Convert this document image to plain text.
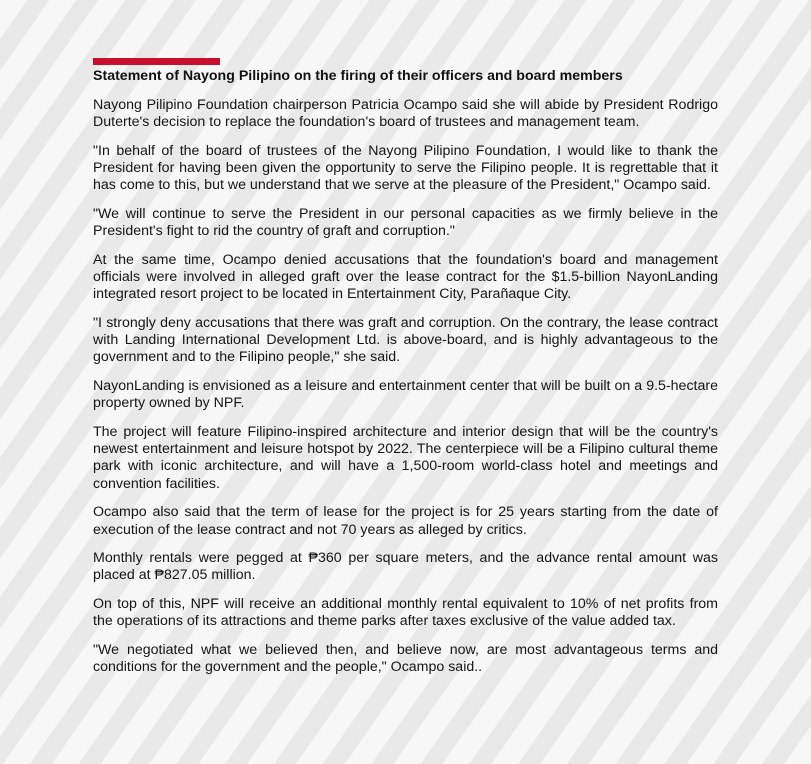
Statement of Nayong Pilipino on the firing of their officers and board members

Nayong Pilipino Foundation chairperson Patricia Ocampo said she will abide by President Rodrigo Duterte's decision to replace the foundation's board of trustees and management team.

"In behalf of the board of trustees of the Nayong Pilipino Foundation, I would like to thank the President for having been given the opportunity to serve the Filipino people. It is regrettable that it has come to this, but we understand that we serve at the pleasure of the President," Ocampo said.

"We will continue to serve the President in our personal capacities as we firmly believe in the President's fight to rid the country of graft and corruption."

At the same time, Ocampo denied accusations that the foundation's board and management officials were involved in alleged graft over the lease contract for the $1.5-billion NayonLanding integrated resort project to be located in Entertainment City, Parañaque City.

"I strongly deny accusations that there was graft and corruption. On the contrary, the lease contract with Landing International Development Ltd. is above-board, and is highly advantageous to the government and to the Filipino people," she said.

NayonLanding is envisioned as a leisure and entertainment center that will be built on a 9.5-hectare property owned by NPF.

The project will feature Filipino-inspired architecture and interior design that will be the country's newest entertainment and leisure hotspot by 2022. The centerpiece will be a Filipino cultural theme park with iconic architecture, and will have a 1,500-room world-class hotel and meetings and convention facilities.

Ocampo also said that the term of lease for the project is for 25 years starting from the date of execution of the lease contract and not 70 years as alleged by critics.

Monthly rentals were pegged at ₱360 per square meters, and the advance rental amount was placed at ₱827.05 million.

On top of this, NPF will receive an additional monthly rental equivalent to 10% of net profits from the operations of its attractions and theme parks after taxes exclusive of the value added tax.

"We negotiated what we believed then, and believe now, are most advantageous terms and conditions for the government and the people," Ocampo said..
